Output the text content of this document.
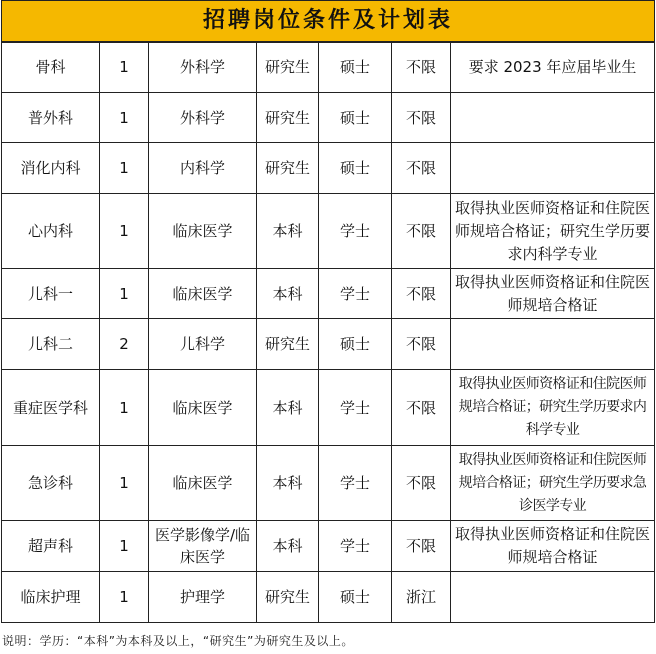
招聘岗位条件及计划表						
骨科	1	外科学	研究生	硕士	不限	要求 2023 年应届毕业生
普外科	1	外科学	研究生	硕士	不限	
消化内科	1	内科学	研究生	硕士	不限	
心内科	1	临床医学	本科	学士	不限	取得执业医师资格证和住院医师规培合格证；研究生学历要求内科学专业
儿科一	1	临床医学	本科	学士	不限	取得执业医师资格证和住院医师规培合格证
儿科二	2	儿科学	研究生	硕士	不限	
重症医学科	1	临床医学	本科	学士	不限	取得执业医师资格证和住院医师规培合格证；研究生学历要求内科学专业
急诊科	1	临床医学	本科	学士	不限	取得执业医师资格证和住院医师规培合格证；研究生学历要求急诊医学专业
超声科	1	医学影像学/临床医学	本科	学士	不限	取得执业医师资格证和住院医师规培合格证
临床护理	1	护理学	研究生	硕士	浙江	
说明：学历：“本科”为本科及以上，“研究生”为研究生及以上。
